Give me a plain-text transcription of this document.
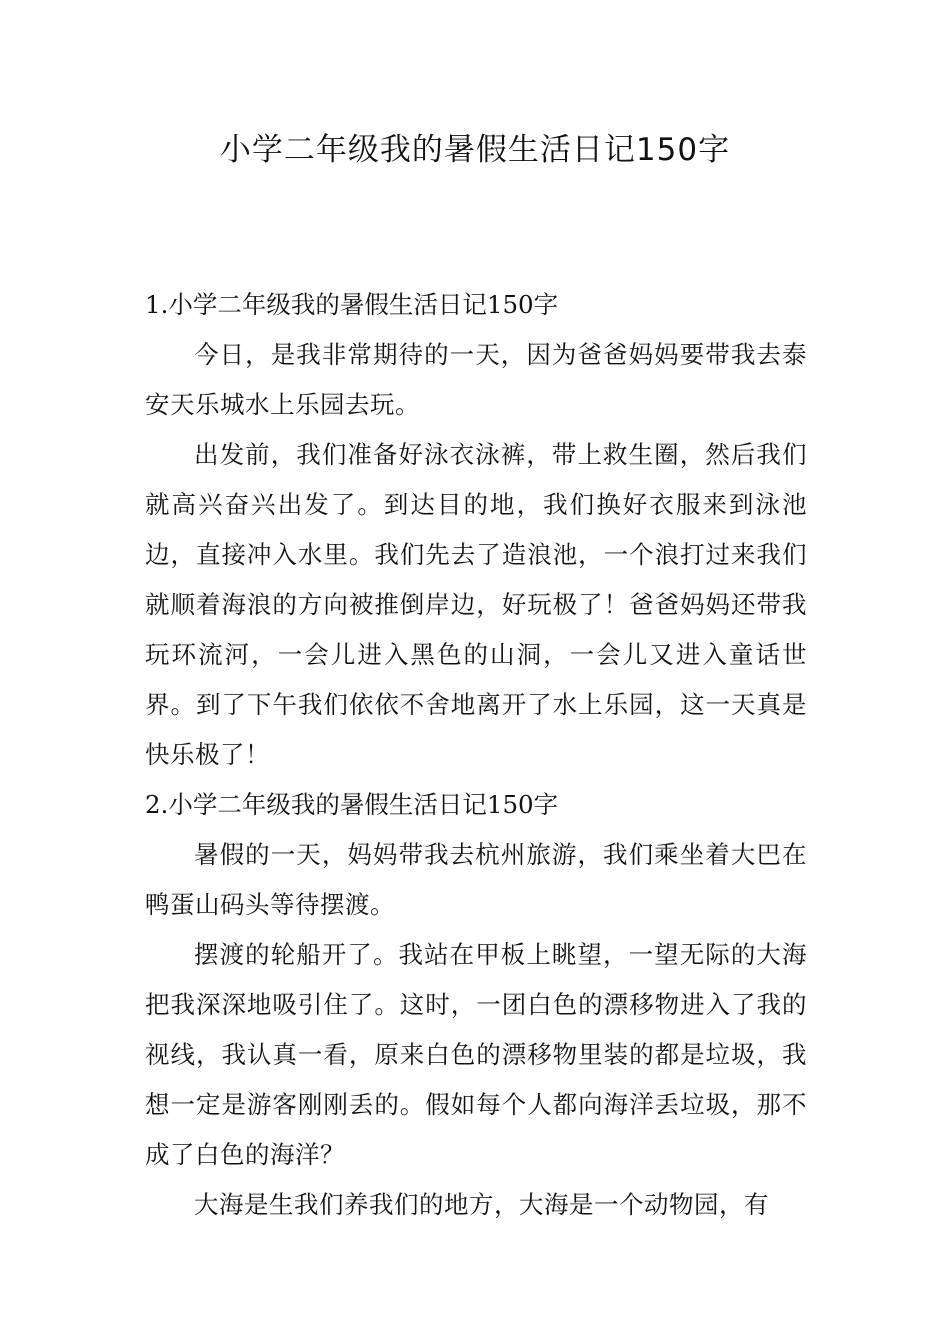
小学二年级我的暑假生活日记150字
1.小学二年级我的暑假生活日记150字

今日，是我非常期待的一天，因为爸爸妈妈要带我去泰安天乐城水上乐园去玩。

出发前，我们准备好泳衣泳裤，带上救生圈，然后我们就高兴奋兴出发了。到达目的地，我们换好衣服来到泳池边，直接冲入水里。我们先去了造浪池，一个浪打过来我们就顺着海浪的方向被推倒岸边，好玩极了！爸爸妈妈还带我玩环流河，一会儿进入黑色的山洞，一会儿又进入童话世界。到了下午我们依依不舍地离开了水上乐园，这一天真是快乐极了！

2.小学二年级我的暑假生活日记150字

暑假的一天，妈妈带我去杭州旅游，我们乘坐着大巴在鸭蛋山码头等待摆渡。

摆渡的轮船开了。我站在甲板上眺望，一望无际的大海把我深深地吸引住了。这时，一团白色的漂移物进入了我的视线，我认真一看，原来白色的漂移物里装的都是垃圾，我想一定是游客刚刚丢的。假如每个人都向海洋丢垃圾，那不成了白色的海洋？

大海是生我们养我们的地方，大海是一个动物园，有
